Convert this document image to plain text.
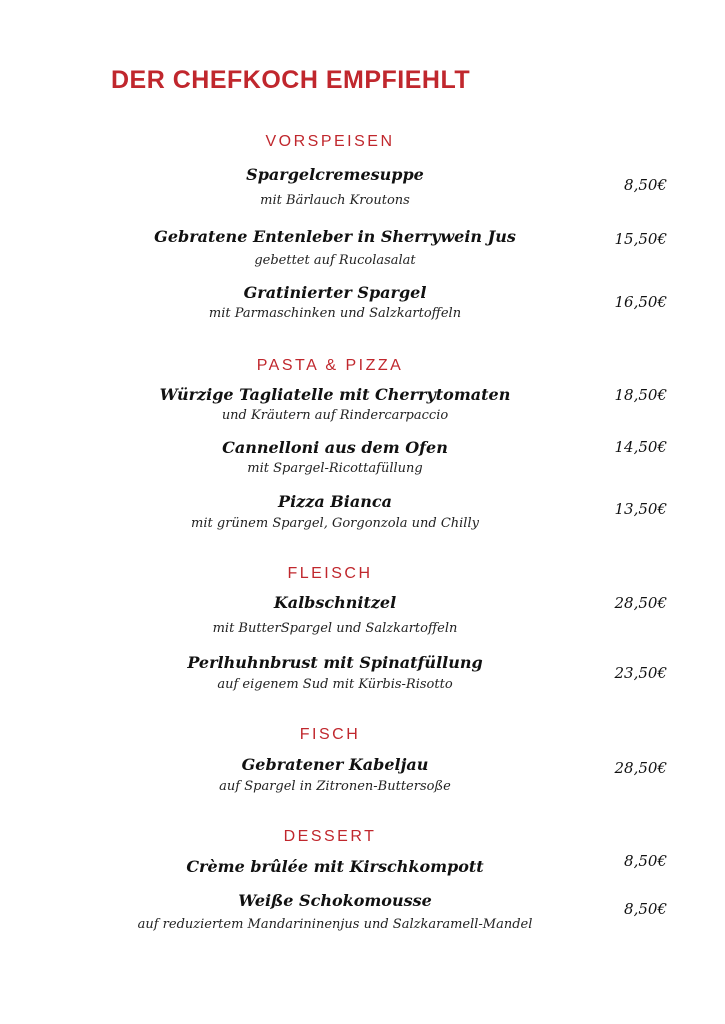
DER CHEFKOCH EMPFIEHLT
VORSPEISEN
Spargelcremesuppe
mit Bärlauch Kroutons
8,50€
Gebratene Entenleber in Sherrywein Jus
gebettet auf Rucolasalat
15,50€
Gratinierter Spargel
mit Parmaschinken und Salzkartoffeln
16,50€
PASTA & PIZZA
Würzige Tagliatelle mit Cherrytomaten
und Kräutern auf Rindercarpaccio
18,50€
Cannelloni aus dem Ofen
mit Spargel-Ricottafüllung
14,50€
Pizza Bianca
mit grünem Spargel, Gorgonzola und Chilly
13,50€
FLEISCH
Kalbschnitzel
mit ButterSpargel und Salzkartoffeln
28,50€
Perlhuhnbrust mit Spinatfüllung
auf eigenem Sud mit Kürbis-Risotto
23,50€
FISCH
Gebratener Kabeljau
auf Spargel in Zitronen-Buttersoße
28,50€
DESSERT
Crème brûlée mit Kirschkompott	8,50€
Weiße Schokomousse
auf reduziertem Mandarininenjus und Salzkaramell-Mandel
8,50€
